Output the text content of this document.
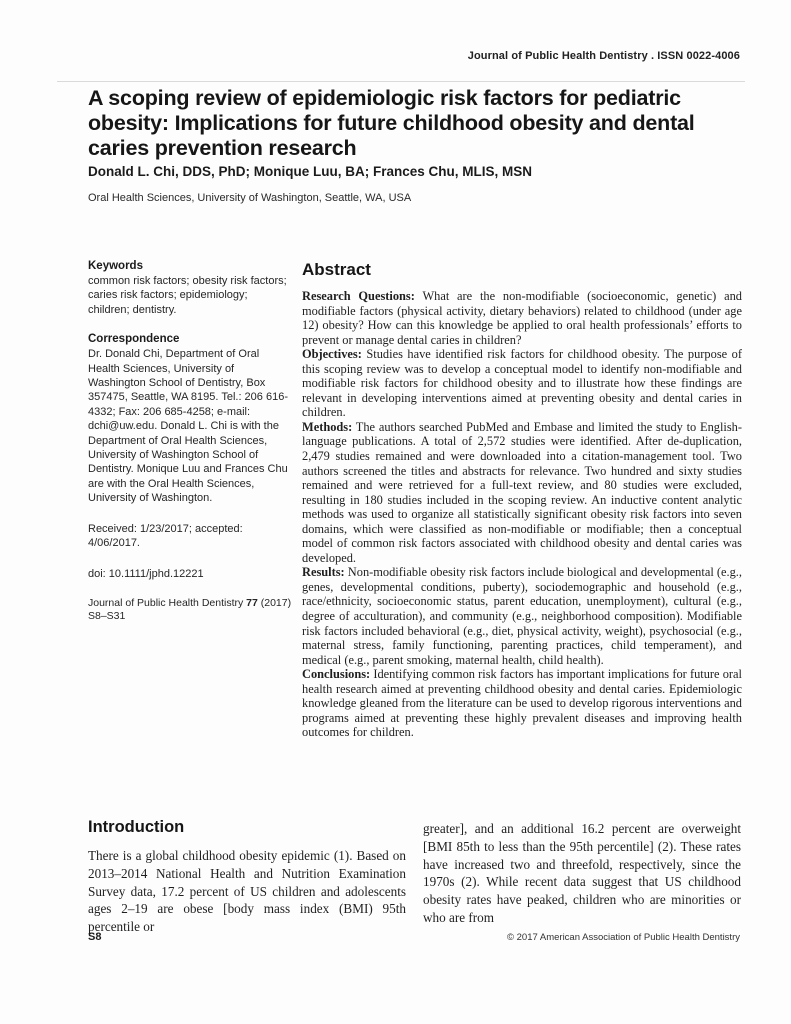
Journal of Public Health Dentistry . ISSN 0022-4006
A scoping review of epidemiologic risk factors for pediatric obesity: Implications for future childhood obesity and dental caries prevention research
Donald L. Chi, DDS, PhD; Monique Luu, BA; Frances Chu, MLIS, MSN
Oral Health Sciences, University of Washington, Seattle, WA, USA
Keywords

common risk factors; obesity risk factors; caries risk factors; epidemiology; children; dentistry.

Correspondence

Dr. Donald Chi, Department of Oral Health Sciences, University of Washington School of Dentistry, Box 357475, Seattle, WA 8195. Tel.: 206 616-4332; Fax: 206 685-4258; e-mail: dchi@uw.edu. Donald L. Chi is with the Department of Oral Health Sciences, University of Washington School of Dentistry. Monique Luu and Frances Chu are with the Oral Health Sciences, University of Washington.

Received: 1/23/2017; accepted: 4/06/2017.

doi: 10.1111/jphd.12221

Journal of Public Health Dentistry 77 (2017) S8–S31

Abstract

Research Questions: What are the non-modifiable (socioeconomic, genetic) and modifiable factors (physical activity, dietary behaviors) related to childhood (under age 12) obesity? How can this knowledge be applied to oral health professionals’ efforts to prevent or manage dental caries in children?

Objectives: Studies have identified risk factors for childhood obesity. The purpose of this scoping review was to develop a conceptual model to identify non-modifiable and modifiable risk factors for childhood obesity and to illustrate how these findings are relevant in developing interventions aimed at preventing obesity and dental caries in children.

Methods: The authors searched PubMed and Embase and limited the study to English-language publications. A total of 2,572 studies were identified. After de-duplication, 2,479 studies remained and were downloaded into a citation-management tool. Two authors screened the titles and abstracts for relevance. Two hundred and sixty studies remained and were retrieved for a full-text review, and 80 studies were excluded, resulting in 180 studies included in the scoping review. An inductive content analytic methods was used to organize all statistically significant obesity risk factors into seven domains, which were classified as non-modifiable or modifiable; then a conceptual model of common risk factors associated with childhood obesity and dental caries was developed.

Results: Non-modifiable obesity risk factors include biological and developmental (e.g., genes, developmental conditions, puberty), sociodemographic and household (e.g., race/ethnicity, socioeconomic status, parent education, unemployment), cultural (e.g., degree of acculturation), and community (e.g., neighborhood composition). Modifiable risk factors included behavioral (e.g., diet, physical activity, weight), psychosocial (e.g., maternal stress, family functioning, parenting practices, child temperament), and medical (e.g., parent smoking, maternal health, child health).

Conclusions: Identifying common risk factors has important implications for future oral health research aimed at preventing childhood obesity and dental caries. Epidemiologic knowledge gleaned from the literature can be used to develop rigorous interventions and programs aimed at preventing these highly prevalent diseases and improving health outcomes for children.

Introduction

There is a global childhood obesity epidemic (1). Based on 2013–2014 National Health and Nutrition Examination Survey data, 17.2 percent of US children and adolescents ages 2–19 are obese [body mass index (BMI) 95th percentile or

greater], and an additional 16.2 percent are overweight [BMI 85th to less than the 95th percentile] (2). These rates have increased two and threefold, respectively, since the 1970s (2). While recent data suggest that US childhood obesity rates have peaked, children who are minorities or who are from

S8	© 2017 American Association of Public Health Dentistry
